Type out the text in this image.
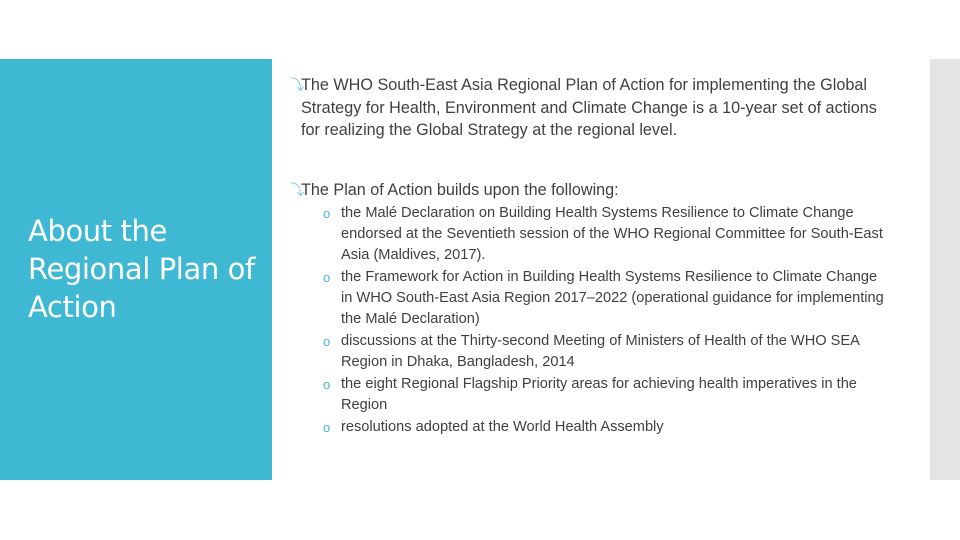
About the Regional Plan of Action
⤵
The WHO South-East Asia Regional Plan of Action for implementing the Global Strategy for Health, Environment and Climate Change is a 10-year set of actions for realizing the Global Strategy at the regional level.
⤵
The Plan of Action builds upon the following:
o the Malé Declaration on Building Health Systems Resilience to Climate Change endorsed at the Seventieth session of the WHO Regional Committee for South-East Asia (Maldives, 2017).
o the Framework for Action in Building Health Systems Resilience to Climate Change in WHO South-East Asia Region 2017–2022 (operational guidance for implementing the Malé Declaration)
o discussions at the Thirty-second Meeting of Ministers of Health of the WHO SEA Region in Dhaka, Bangladesh, 2014
o the eight Regional Flagship Priority areas for achieving health imperatives in the Region
o resolutions adopted at the World Health Assembly
